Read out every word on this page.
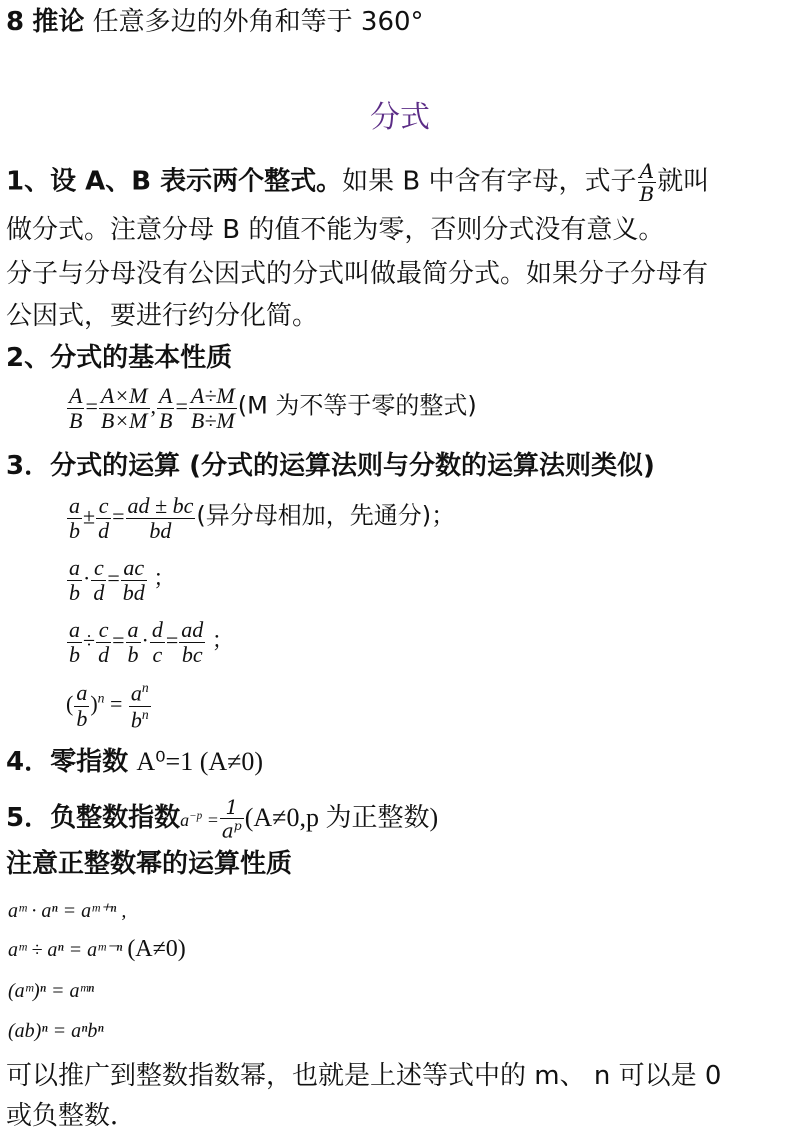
8 推论 任意多边的外角和等于 360°
分式
1、设 A、B 表示两个整式。如果 B 中含有字母，式子 $\frac{A}{B}$ 就叫
做分式。注意分母 B 的值不能为零，否则分式没有意义。
分子与分母没有公因式的分式叫做最简分式。如果分子分母有
公因式，要进行约分化简。
2、分式的基本性质
$\frac{A}{B} = \frac{A\times M}{B\times M}$ , $\frac{A}{B} = \frac{A\div M}{B\div M} (M$ 为不等于零的整式)
3．分式的运算 (分式的运算法则与分数的运算法则类似)
$\frac{a}{b} \pm \frac{c}{d} = \frac{ad \pm bc}{bd}$ (异分母相加，先通分)；
$\frac{a}{b} \cdot \frac{c}{d} = \frac{ac}{bd}$ ；
$\frac{a}{b} \div \frac{c}{d} = \frac{a}{b} \cdot \frac{d}{c} = \frac{ad}{bc}$ ；
( $\frac{a}{b} )^n = \frac{a^n}{b^n}$
4．零指数 A⁰=1 (A≠0)
5．负整数指数$a^{-p} = \frac{1}{a^p} (A\ne 0,p$ 为正整数)
注意正整数幂的运算性质
aᵐ · aⁿ = aᵐ⁺ⁿ ,
aᵐ ÷ aⁿ = aᵐ⁻ⁿ (A≠0)
(aᵐ)ⁿ = aᵐⁿ
(ab)ⁿ = aⁿbⁿ
可以推广到整数指数幂，也就是上述等式中的 m、 n 可以是 0
或负整数．
